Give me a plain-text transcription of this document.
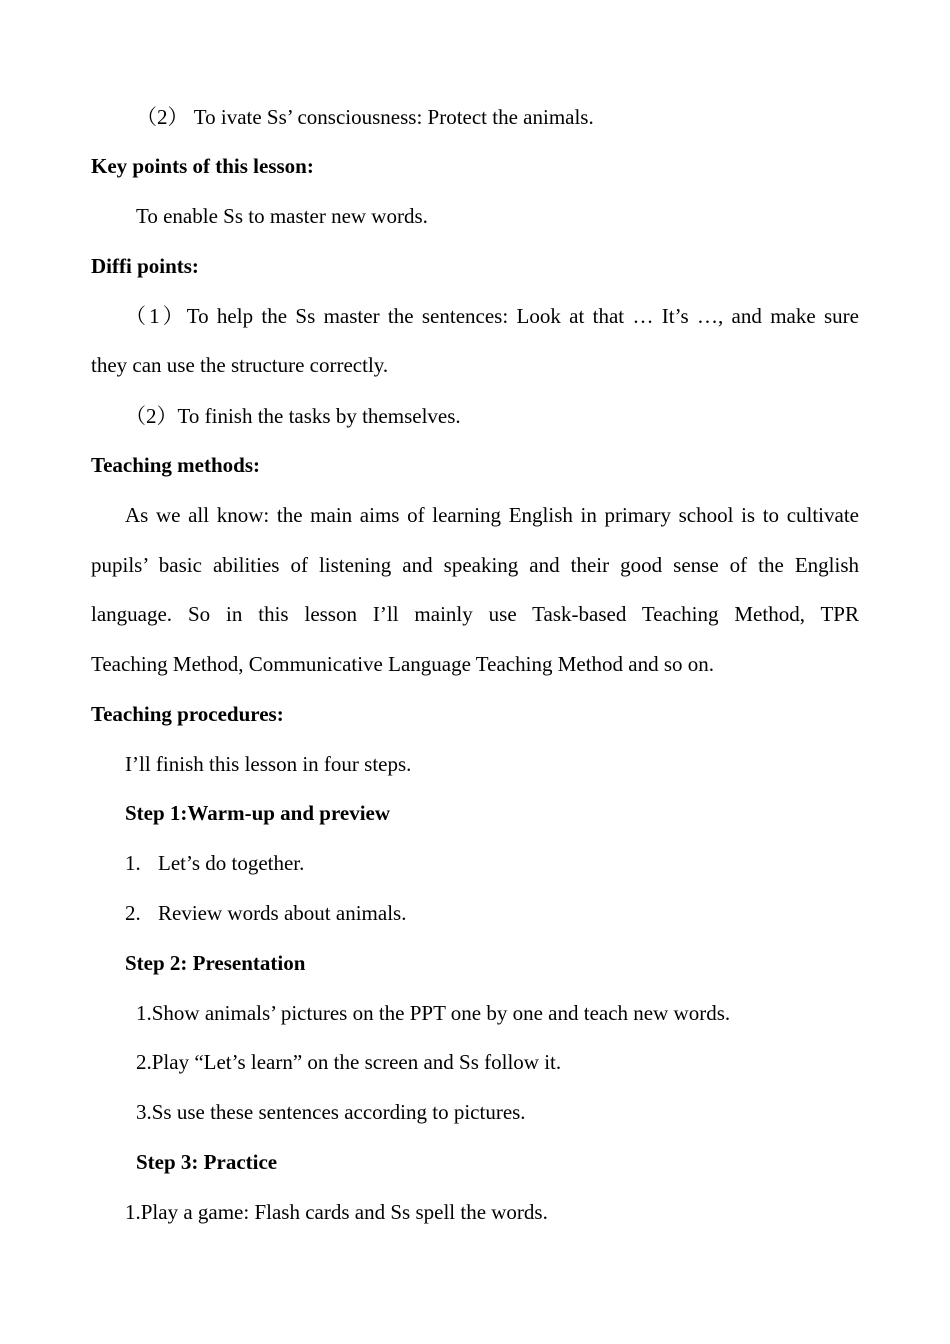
（2） To ivate Ss’ consciousness: Protect the animals.
Key points of this lesson:
To enable Ss to master new words.
Diffi points:
（1）To help the Ss master the sentences: Look at that … It’s …, and make sure
they can use the structure correctly.
（2）To finish the tasks by themselves.
Teaching methods:
As we all know: the main aims of learning English in primary school is to cultivate
pupils’ basic abilities of listening and speaking and their good sense of the English
language. So in this lesson I’ll mainly use Task-based Teaching Method, TPR
Teaching Method, Communicative Language Teaching Method and so on.
Teaching procedures:
I’ll finish this lesson in four steps.
Step 1:Warm-up and preview
1. Let’s do together.
2. Review words about animals.
Step 2: Presentation
1.Show animals’ pictures on the PPT one by one and teach new words.
2.Play “Let’s learn” on the screen and Ss follow it.
3.Ss use these sentences according to pictures.
Step 3: Practice
1.Play a game: Flash cards and Ss spell the words.
